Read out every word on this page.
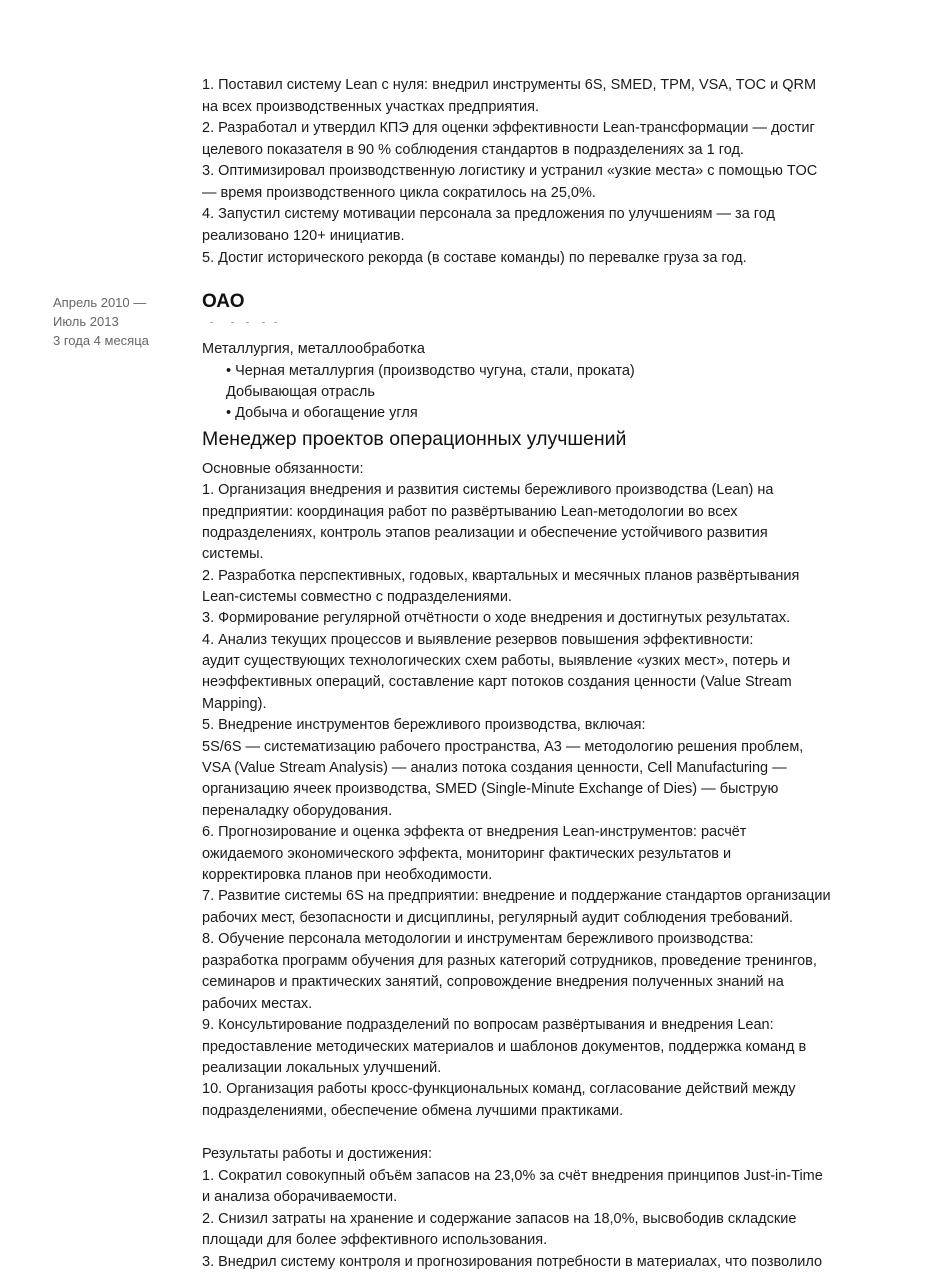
1. Поставил систему Lean с нуля: внедрил инструменты 6S, SMED, TPM, VSA, TOC и QRM
на всех производственных участках предприятия.
2. Разработал и утвердил КПЭ для оценки эффективности Lean-трансформации — достиг
целевого показателя в 90 % соблюдения стандартов в подразделениях за 1 год.
3. Оптимизировал производственную логистику и устранил «узкие места» с помощью TOC
— время производственного цикла сократилось на 25,0%.
4. Запустил систему мотивации персонала за предложения по улучшениям — за год
реализовано 120+ инициатив.
5. Достиг исторического рекорда (в составе команды) по перевалке груза за год.
Апрель 2010 —
Июль 2013
3 года 4 месяца
ОАО
Металлургия, металлообработка
• Черная металлургия (производство чугуна, стали, проката)
Добывающая отрасль
• Добыча и обогащение угля
Менеджер проектов операционных улучшений
Основные обязанности:
1. Организация внедрения и развития системы бережливого производства (Lean) на
предприятии: координация работ по развёртыванию Lean-методологии во всех
подразделениях, контроль этапов реализации и обеспечение устойчивого развития
системы.
2. Разработка перспективных, годовых, квартальных и месячных планов развёртывания
Lean-системы совместно с подразделениями.
3. Формирование регулярной отчётности о ходе внедрения и достигнутых результатах.
4. Анализ текущих процессов и выявление резервов повышения эффективности:
аудит существующих технологических схем работы, выявление «узких мест», потерь и
неэффективных операций, составление карт потоков создания ценности (Value Stream
Mapping).
5. Внедрение инструментов бережливого производства, включая:
5S/6S — систематизацию рабочего пространства, A3 — методологию решения проблем,
VSA (Value Stream Analysis) — анализ потока создания ценности, Cell Manufacturing —
организацию ячеек производства, SMED (Single-Minute Exchange of Dies) — быструю
переналадку оборудования.
6. Прогнозирование и оценка эффекта от внедрения Lean-инструментов: расчёт
ожидаемого экономического эффекта, мониторинг фактических результатов и
корректировка планов при необходимости.
7. Развитие системы 6S на предприятии: внедрение и поддержание стандартов организации
рабочих мест, безопасности и дисциплины, регулярный аудит соблюдения требований.
8. Обучение персонала методологии и инструментам бережливого производства:
разработка программ обучения для разных категорий сотрудников, проведение тренингов,
семинаров и практических занятий, сопровождение внедрения полученных знаний на
рабочих местах.
9. Консультирование подразделений по вопросам развёртывания и внедрения Lean:
предоставление методических материалов и шаблонов документов, поддержка команд в
реализации локальных улучшений.
10. Организация работы кросс-функциональных команд, согласование действий между
подразделениями, обеспечение обмена лучшими практиками.
Результаты работы и достижения:
1. Сократил совокупный объём запасов на 23,0% за счёт внедрения принципов Just-in-Time
и анализа оборачиваемости.
2. Снизил затраты на хранение и содержание запасов на 18,0%, высвободив складские
площади для более эффективного использования.
3. Внедрил систему контроля и прогнозирования потребности в материалах, что позволило
